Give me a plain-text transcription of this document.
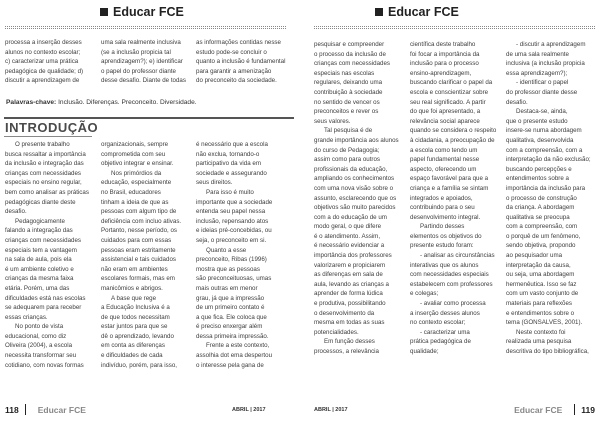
Educar FCE

processa a inserção desses

alunos no contexto escolar;

c) caracterizar uma prática

pedagógica de qualidade; d)

discutir a aprendizagem de

uma sala realmente inclusiva

(se a inclusão propicia tal

aprendizagem?); e) identificar

o papel do professor diante

desse desafio. Diante de todas

as informações contidas nesse

estudo pode-se concluir o

quanto a inclusão é fundamental

para garantir a amenização

do preconceito da sociedade.

Palavras-chave: Inclusão. Diferenças. Preconceito. Diversidade.
INTRODUÇÃO

O presente trabalho

busca ressaltar a importância

da inclusão e integração das

crianças com necessidades

especiais no ensino regular,

bem como analisar as práticas

pedagógicas diante deste

desafio.

Pedagogicamente

falando a integração das

crianças com necessidades

especiais tem a vantagem

na sala de aula, pois ela

é um ambiente coletivo e

crianças da mesma faixa

etária. Porém, uma das

dificuldades está nas escolas

se adequarem para receber

essas crianças.

No ponto de vista

educacional, como diz

Oliveira (2004), a escola

necessita transformar seu

cotidiano, com novas formas

organizacionais, sempre

comprometida com seu

objetivo integrar e ensinar.

Nos primórdios da

educação, especialmente

no Brasil, educadores

tinham a ideia de que as

pessoas com algum tipo de

deficiência com incluo ativas.

Portanto, nesse período, os

cuidados para com essas

pessoas eram estritamente

assistencial e tais cuidados

não eram em ambientes

escolares formais, mas em

manicômios e abrigos.

A base que rege

a Educação Inclusiva é a

de que todos necessitam

estar juntos para que se

dê o aprendizado, levando

em conta as diferenças

e dificuldades de cada

indivíduo, porém, para isso,

é necessário que a escola

não exclua, tornando-o

participativo da vida em

sociedade e assegurando

seus direitos.

Para isso é muito

importante que a sociedade

entenda seu papel nessa

inclusão, repensando atos

e ideias pré-concebidas, ou

seja, o preconceito em si.

Quanto a esse

preconceito, Ribas (1996)

mostra que as pessoas

são preconceituosas, umas

mais outras em menor

grau, já que a impressão

de um primeiro contato é

a que fica. Ele coloca que

é preciso enxergar além

dessa primeira impressão.

Frente a este contexto,

assolhia dot ema despertou

o interesse pela gana de

118 Educar FCE	ABRIL | 2017
Educar FCE

pesquisar e compreender

o processo da inclusão de

crianças com necessidades

especiais nas escolas

regulares, deixando uma

contribuição à sociedade

no sentido de vencer os

preconceitos e rever os

seus valores.

Tal pesquisa é de

grande importância aos alunos

do curso de Pedagogia;

assim como para outros

profissionais da educação,

ampliando os conhecimentos

com uma nova visão sobre o

assunto, esclarecendo que os

objetivos são muito parecidos

com a do educação de um

modo geral, o que difere

é o atendimento. Assim,

é necessário evidenciar a

importância dos professores

valorizarem e propiciarem

as diferenças em sala de

aula, levando as crianças a

aprender de forma lúdica

e produtiva, possibilitando

o desenvolvimento da

mesma em todas as suas

potencialidades.

Em função desses

processos, a relevância

científica deste trabalho

foi focar a importância da

inclusão para o processo

ensino-aprendizagem,

buscando clarificar o papel da

escola e conscientizar sobre

seu real significado. A partir

do que foi apresentado, a

relevância social aparece

quando se considera o respeito

à cidadania, a preocupação de

a escola como tendo um

papel fundamental nesse

aspecto, oferecendo um

espaço favorável para que a

criança e a família se sintam

integrados e apoiados,

contribuindo para o seu

desenvolvimento integral.

Partindo desses

elementos os objetivos do

presente estudo foram:

- analisar as circunstâncias

interativas que os alunos

com necessidades especiais

estabelecem com professores

e colegas;

- avaliar como processa

a inserção desses alunos

no contexto escolar;

- caracterizar uma

prática pedagógica de

qualidade;

- discutir a aprendizagem

de uma sala realmente

inclusiva (a inclusão propicia

essa aprendizagem?);

- identificar o papel

do professor diante desse

desafio.

Destaca-se, ainda,

que o presente estudo

insere-se numa abordagem

qualitativa, desenvolvida

com a compreensão, com a

interpretação da não exclusão;

buscando percepções e

entendimentos sobre a

importância da inclusão para

o processo de construção

da criança. A abordagem

qualitativa se preocupa

com a compreensão, com

o porquê de um fenômeno,

sendo objetiva, propondo

ao pesquisador uma

interpretação da causa,

ou seja, uma abordagem

hermenêutica. Isso se faz

com um vasto conjunto de

materiais para reflexões

e entendimentos sobre o

tema (GONSALVES, 2001).

Neste contexto foi

realizada uma pesquisa

descritiva do tipo bibliográfica,

ABRIL | 2017	Educar FCE 119
